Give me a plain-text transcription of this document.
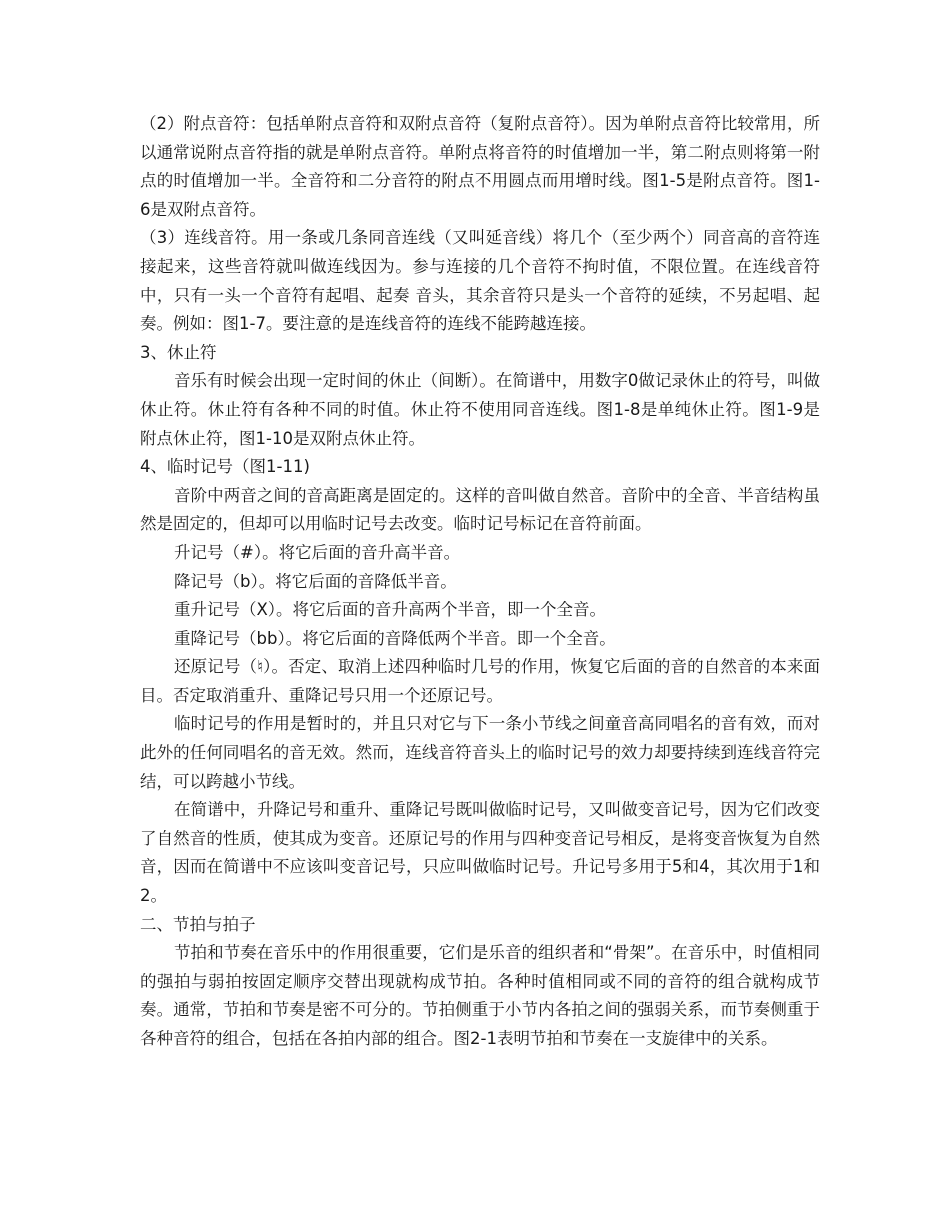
（2）附点音符：包括单附点音符和双附点音符（复附点音符）。因为单附点音符比较常用，所以通常说附点音符指的就是单附点音符。单附点将音符的时值增加一半，第二附点则将第一附点的时值增加一半。全音符和二分音符的附点不用圆点而用增时线。图1-5是附点音符。图1-6是双附点音符。

（3）连线音符。用一条或几条同音连线（又叫延音线）将几个（至少两个）同音高的音符连接起来，这些音符就叫做连线因为。参与连接的几个音符不拘时值，不限位置。在连线音符中，只有一头一个音符有起唱、起奏 音头，其余音符只是头一个音符的延续，不另起唱、起奏。例如：图1-7。要注意的是连线音符的连线不能跨越连接。

3、休止符

音乐有时候会出现一定时间的休止（间断）。在简谱中，用数字0做记录休止的符号，叫做休止符。休止符有各种不同的时值。休止符不使用同音连线。图1-8是单纯休止符。图1-9是附点休止符，图1-10是双附点休止符。

4、临时记号（图1-11)

音阶中两音之间的音高距离是固定的。这样的音叫做自然音。音阶中的全音、半音结构虽然是固定的，但却可以用临时记号去改变。临时记号标记在音符前面。

升记号（#）。将它后面的音升高半音。

降记号（b）。将它后面的音降低半音。

重升记号（X）。将它后面的音升高两个半音，即一个全音。

重降记号（bb）。将它后面的音降低两个半音。即一个全音。

还原记号（♮）。否定、取消上述四种临时几号的作用，恢复它后面的音的自然音的本来面目。否定取消重升、重降记号只用一个还原记号。

临时记号的作用是暂时的，并且只对它与下一条小节线之间童音高同唱名的音有效，而对此外的任何同唱名的音无效。然而，连线音符音头上的临时记号的效力却要持续到连线音符完结，可以跨越小节线。

在简谱中，升降记号和重升、重降记号既叫做临时记号，又叫做变音记号，因为它们改变了自然音的性质，使其成为变音。还原记号的作用与四种变音记号相反，是将变音恢复为自然音，因而在简谱中不应该叫变音记号，只应叫做临时记号。升记号多用于5和4，其次用于1和2。

二、节拍与拍子

节拍和节奏在音乐中的作用很重要，它们是乐音的组织者和“骨架”。在音乐中，时值相同的强拍与弱拍按固定顺序交替出现就构成节拍。各种时值相同或不同的音符的组合就构成节奏。通常，节拍和节奏是密不可分的。节拍侧重于小节内各拍之间的强弱关系，而节奏侧重于各种音符的组合，包括在各拍内部的组合。图2-1表明节拍和节奏在一支旋律中的关系。
